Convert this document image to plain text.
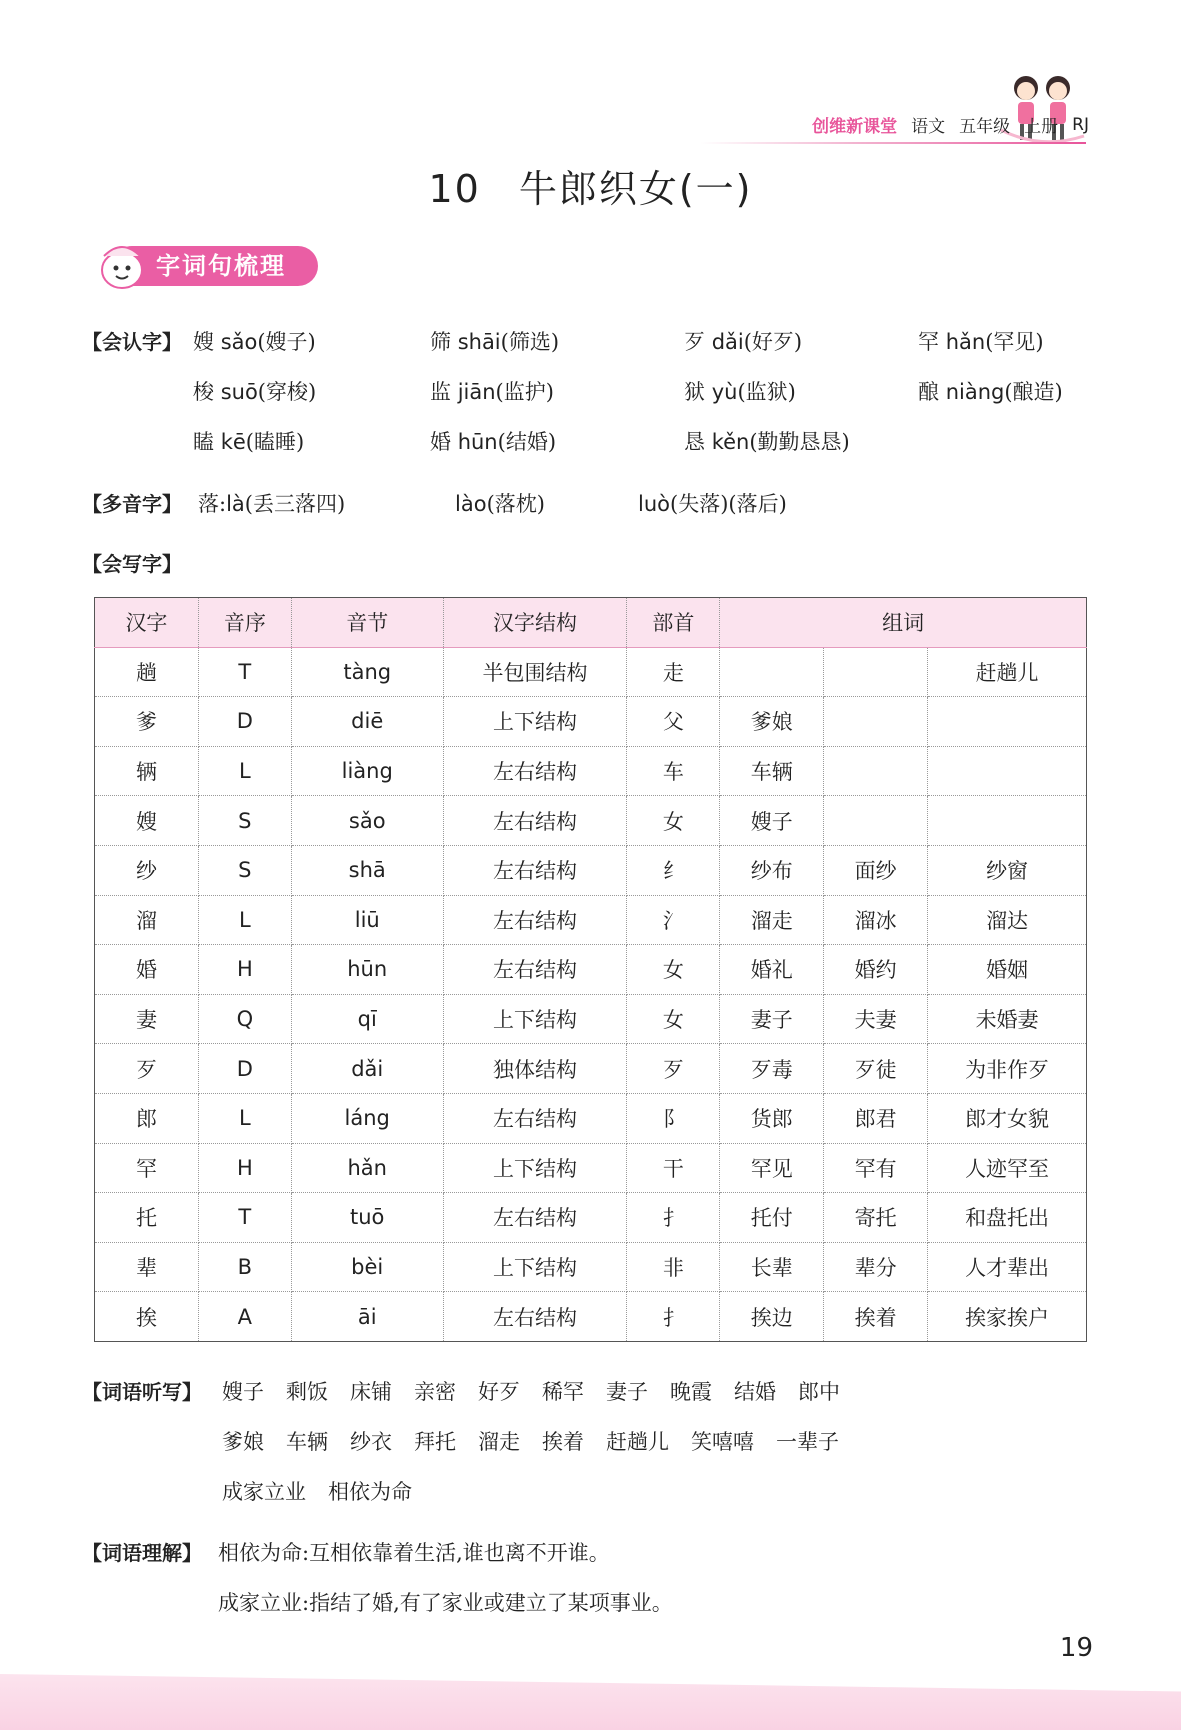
创维新课堂 语文 五年级 上册 RJ
10 牛郎织女(一)
字词句梳理
【会认字】 嫂 sǎo(嫂子)	筛 shāi(筛选)	歹 dǎi(好歹)	罕 hǎn(罕见)
梭 suō(穿梭)	监 jiān(监护)	狱 yù(监狱)	酿 niàng(酿造)
瞌 kē(瞌睡)	婚 hūn(结婚)	恳 kěn(勤勤恳恳)
【多音字】 落:là(丢三落四)	lào(落枕)	luò(失落)(落后)
【会写字】
汉字	音序	音节	汉字结构	部首	组词		
趟	T	tàng	半包围结构	走			赶趟儿
爹	D	diē	上下结构	父	爹娘		
辆	L	liàng	左右结构	车	车辆		
嫂	S	sǎo	左右结构	女	嫂子		
纱	S	shā	左右结构	纟	纱布	面纱	纱窗
溜	L	liū	左右结构	氵	溜走	溜冰	溜达
婚	H	hūn	左右结构	女	婚礼	婚约	婚姻
妻	Q	qī	上下结构	女	妻子	夫妻	未婚妻
歹	D	dǎi	独体结构	歹	歹毒	歹徒	为非作歹
郎	L	láng	左右结构	阝	货郎	郎君	郎才女貌
罕	H	hǎn	上下结构	干	罕见	罕有	人迹罕至
托	T	tuō	左右结构	扌	托付	寄托	和盘托出
辈	B	bèi	上下结构	非	长辈	辈分	人才辈出
挨	A	āi	左右结构	扌	挨边	挨着	挨家挨户
【词语听写】 嫂子 剩饭 床铺 亲密 好歹 稀罕 妻子 晚霞 结婚 郎中
爹娘 车辆 纱衣 拜托 溜走 挨着 赶趟儿 笑嘻嘻 一辈子
成家立业 相依为命
【词语理解】 相依为命:互相依靠着生活,谁也离不开谁。
成家立业:指结了婚,有了家业或建立了某项事业。
19
